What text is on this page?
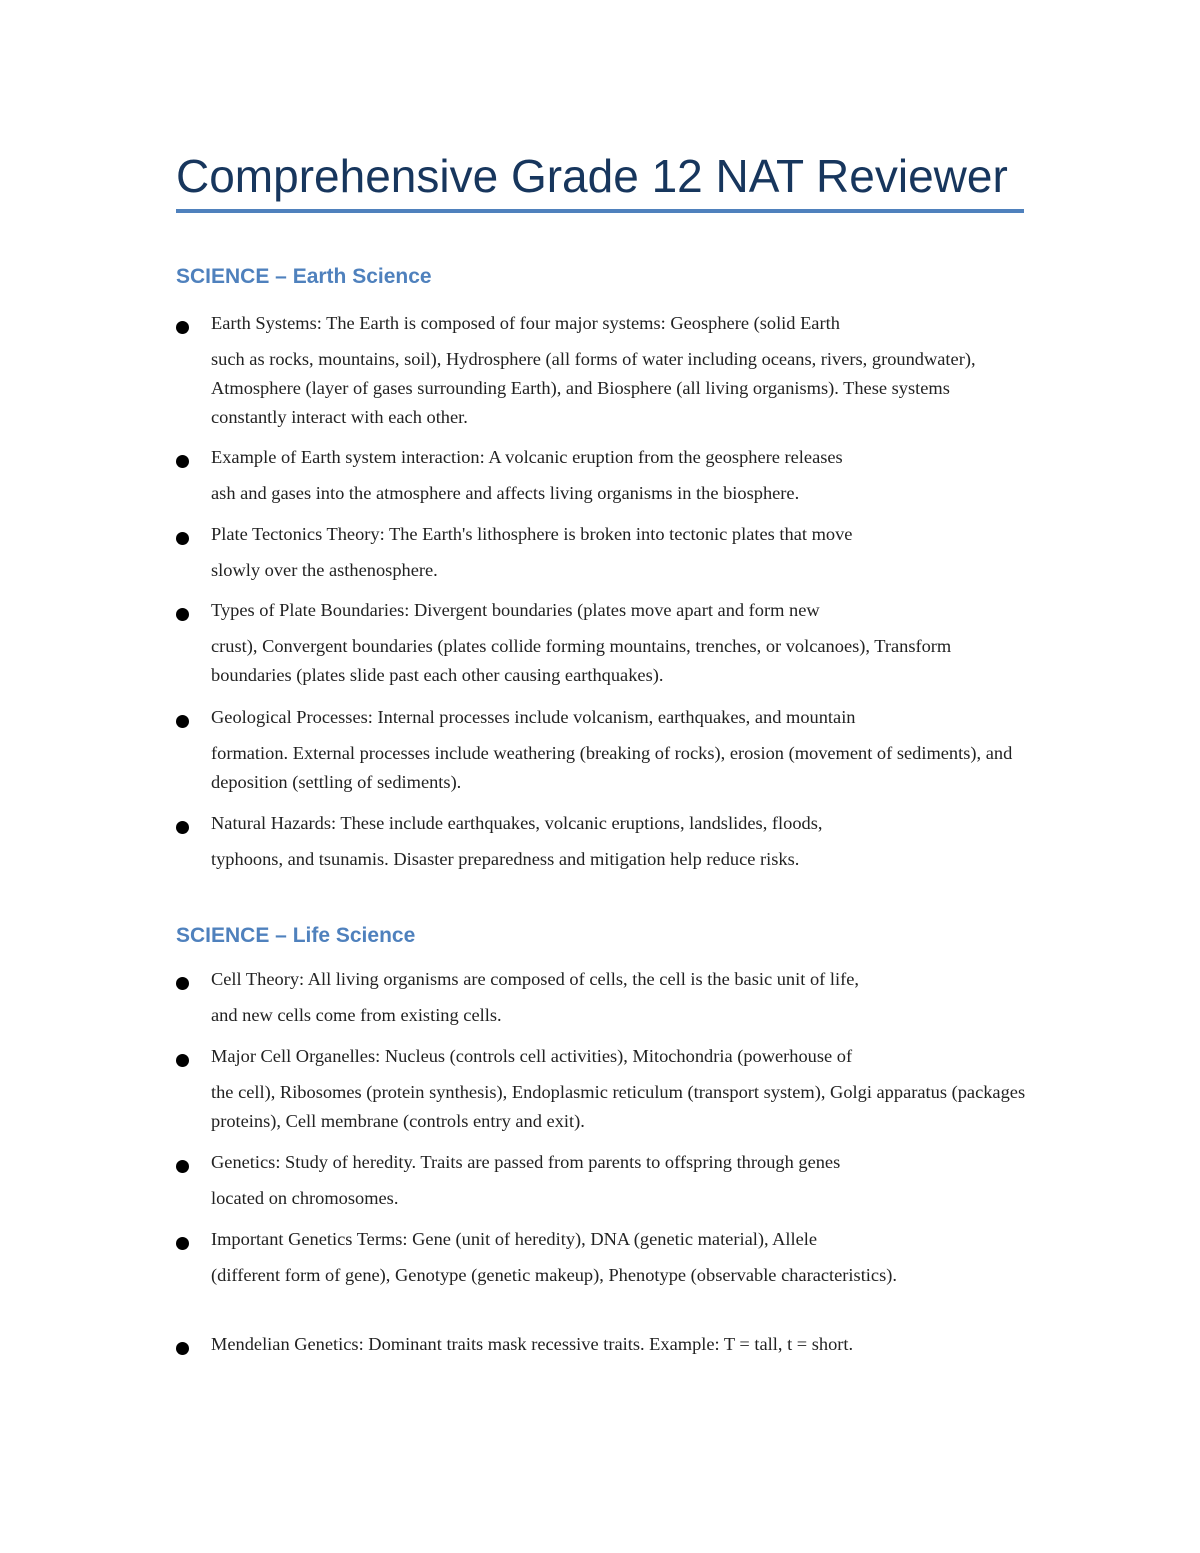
Comprehensive Grade 12 NAT Reviewer
SCIENCE – Earth Science

Earth Systems: The Earth is composed of four major systems: Geosphere (solid Earth
such as rocks, mountains, soil), Hydrosphere (all forms of water including oceans, rivers, groundwater), Atmosphere (layer of gases surrounding Earth), and Biosphere (all living organisms). These systems constantly interact with each other.

Example of Earth system interaction: A volcanic eruption from the geosphere releases
ash and gases into the atmosphere and affects living organisms in the biosphere.

Plate Tectonics Theory: The Earth's lithosphere is broken into tectonic plates that move
slowly over the asthenosphere.

Types of Plate Boundaries: Divergent boundaries (plates move apart and form new
crust), Convergent boundaries (plates collide forming mountains, trenches, or volcanoes), Transform boundaries (plates slide past each other causing earthquakes).

Geological Processes: Internal processes include volcanism, earthquakes, and mountain
formation. External processes include weathering (breaking of rocks), erosion (movement of sediments), and deposition (settling of sediments).

Natural Hazards: These include earthquakes, volcanic eruptions, landslides, floods,
typhoons, and tsunamis. Disaster preparedness and mitigation help reduce risks.

SCIENCE – Life Science

Cell Theory: All living organisms are composed of cells, the cell is the basic unit of life,
and new cells come from existing cells.

Major Cell Organelles: Nucleus (controls cell activities), Mitochondria (powerhouse of
the cell), Ribosomes (protein synthesis), Endoplasmic reticulum (transport system), Golgi apparatus (packages proteins), Cell membrane (controls entry and exit).

Genetics: Study of heredity. Traits are passed from parents to offspring through genes
located on chromosomes.

Important Genetics Terms: Gene (unit of heredity), DNA (genetic material), Allele
(different form of gene), Genotype (genetic makeup), Phenotype (observable characteristics).

Mendelian Genetics: Dominant traits mask recessive traits. Example: T = tall, t = short.
